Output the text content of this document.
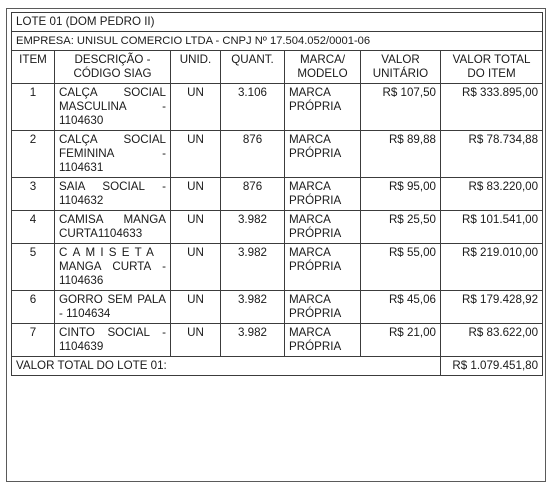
LOTE 01 (DOM PEDRO II)						
EMPRESA: UNISUL COMERCIO LTDA - CNPJ Nº 17.504.052/0001-06						
ITEM	DESCRIÇÃO - CÓDIGO SIAG	UNID.	QUANT.	MARCA/ MODELO	VALOR UNITÁRIO	VALOR TOTAL DO ITEM
1	CALÇA SOCIAL MASCULINA - 1104630	UN	3.106	MARCA PRÓPRIA	R$ 107,50	R$ 333.895,00
2	CALÇA SOCIAL FEMININA - 1104631	UN	876	MARCA PRÓPRIA	R$ 89,88	R$ 78.734,88
3	SAIA SOCIAL - 1104632	UN	876	MARCA PRÓPRIA	R$ 95,00	R$ 83.220,00
4	CAMISA MANGA CURTA1104633	UN	3.982	MARCA PRÓPRIA	R$ 25,50	R$ 101.541,00
5	CAMISETA MANGA CURTA - 1104636	UN	3.982	MARCA PRÓPRIA	R$ 55,00	R$ 219.010,00
6	GORRO SEM PALA - 1104634	UN	3.982	MARCA PRÓPRIA	R$ 45,06	R$ 179.428,92
7	CINTO SOCIAL - 1104639	UN	3.982	MARCA PRÓPRIA	R$ 21,00	R$ 83.622,00
VALOR TOTAL DO LOTE 01:						R$ 1.079.451,80
